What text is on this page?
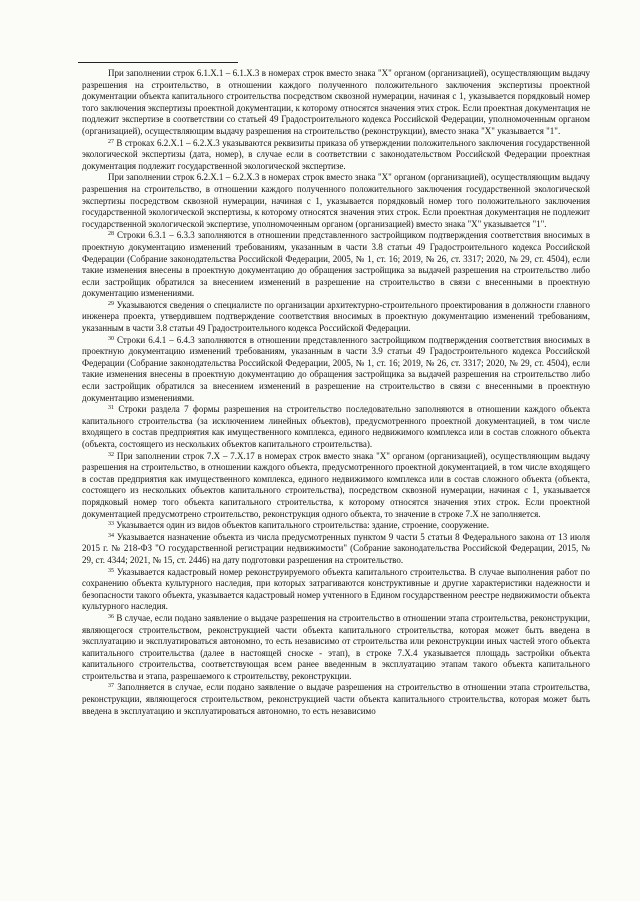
При заполнении строк 6.1.Х.1 – 6.1.Х.3 в номерах строк вместо знака "Х" органом (организацией), осуществляющим выдачу разрешения на строительство, в отношении каждого полученного положительного заключения экспертизы проектной документации объекта капитального строительства посредством сквозной нумерации, начиная с 1, указывается порядковый номер того заключения экспертизы проектной документации, к которому относятся значения этих строк. Если проектная документация не подлежит экспертизе в соответствии со статьей 49 Градостроительного кодекса Российской Федерации, уполномоченным органом (организацией), осуществляющим выдачу разрешения на строительство (реконструкции), вместо знака "Х" указывается "1".

$^{27}$ В строках 6.2.Х.1 – 6.2.Х.3 указываются реквизиты приказа об утверждении положительного заключения государственной экологической экспертизы (дата, номер), в случае если в соответствии с законодательством Российской Федерации проектная документация подлежит государственной экологической экспертизе.

При заполнении строк 6.2.Х.1 – 6.2.Х.3 в номерах строк вместо знака "Х" органом (организацией), осуществляющим выдачу разрешения на строительство, в отношении каждого полученного положительного заключения государственной экологической экспертизы посредством сквозной нумерации, начиная с 1, указывается порядковый номер того положительного заключения государственной экологической экспертизы, к которому относятся значения этих строк. Если проектная документация не подлежит государственной экологической экспертизе, уполномоченным органом (организацией) вместо знака "Х" указывается "1".

$^{28}$ Строки 6.3.1 – 6.3.3 заполняются в отношении представленного застройщиком подтверждения соответствия вносимых в проектную документацию изменений требованиям, указанным в части 3.8 статьи 49 Градостроительного кодекса Российской Федерации (Собрание законодательства Российской Федерации, 2005, № 1, ст. 16; 2019, № 26, ст. 3317; 2020, № 29, ст. 4504), если такие изменения внесены в проектную документацию до обращения застройщика за выдачей разрешения на строительство либо если застройщик обратился за внесением изменений в разрешение на строительство в связи с внесенными в проектную документацию изменениями.

$^{29}$ Указываются сведения о специалисте по организации архитектурно-строительного проектирования в должности главного инженера проекта, утвердившем подтверждение соответствия вносимых в проектную документацию изменений требованиям, указанным в части 3.8 статьи 49 Градостроительного кодекса Российской Федерации.

$^{30}$ Строки 6.4.1 – 6.4.3 заполняются в отношении представленного застройщиком подтверждения соответствия вносимых в проектную документацию изменений требованиям, указанным в части 3.9 статьи 49 Градостроительного кодекса Российской Федерации (Собрание законодательства Российской Федерации, 2005, № 1, ст. 16; 2019, № 26, ст. 3317; 2020, № 29, ст. 4504), если такие изменения внесены в проектную документацию до обращения застройщика за выдачей разрешения на строительство либо если застройщик обратился за внесением изменений в разрешение на строительство в связи с внесенными в проектную документацию изменениями.

$^{31}$ Строки раздела 7 формы разрешения на строительство последовательно заполняются в отношении каждого объекта капитального строительства (за исключением линейных объектов), предусмотренного проектной документацией, в том числе входящего в состав предприятия как имущественного комплекса, единого недвижимого комплекса или в состав сложного объекта (объекта, состоящего из нескольких объектов капитального строительства).

$^{32}$ При заполнении строк 7.Х – 7.Х.17 в номерах строк вместо знака "Х" органом (организацией), осуществляющим выдачу разрешения на строительство, в отношении каждого объекта, предусмотренного проектной документацией, в том числе входящего в состав предприятия как имущественного комплекса, единого недвижимого комплекса или в состав сложного объекта (объекта, состоящего из нескольких объектов капитального строительства), посредством сквозной нумерации, начиная с 1, указывается порядковый номер того объекта капитального строительства, к которому относятся значения этих строк. Если проектной документацией предусмотрено строительство, реконструкция одного объекта, то значение в строке 7.Х не заполняется.

$^{33}$ Указывается один из видов объектов капитального строительства: здание, строение, сооружение.

$^{34}$ Указывается назначение объекта из числа предусмотренных пунктом 9 части 5 статьи 8 Федерального закона от 13 июля 2015 г. № 218-ФЗ "О государственной регистрации недвижимости" (Собрание законодательства Российской Федерации, 2015, № 29, ст. 4344; 2021, № 15, ст. 2446) на дату подготовки разрешения на строительство.

$^{35}$ Указывается кадастровый номер реконструируемого объекта капитального строительства. В случае выполнения работ по сохранению объекта культурного наследия, при которых затрагиваются конструктивные и другие характеристики надежности и безопасности такого объекта, указывается кадастровый номер учтенного в Едином государственном реестре недвижимости объекта культурного наследия.

$^{36}$ В случае, если подано заявление о выдаче разрешения на строительство в отношении этапа строительства, реконструкции, являющегося строительством, реконструкцией части объекта капитального строительства, которая может быть введена в эксплуатацию и эксплуатироваться автономно, то есть независимо от строительства или реконструкции иных частей этого объекта капитального строительства (далее в настоящей сноске - этап), в строке 7.Х.4 указывается площадь застройки объекта капитального строительства, соответствующая всем ранее введенным в эксплуатацию этапам такого объекта капитального строительства и этапа, разрешаемого к строительству, реконструкции.

$^{37}$ Заполняется в случае, если подано заявление о выдаче разрешения на строительство в отношении этапа строительства, реконструкции, являющегося строительством, реконструкцией части объекта капитального строительства, которая может быть введена в эксплуатацию и эксплуатироваться автономно, то есть независимо
